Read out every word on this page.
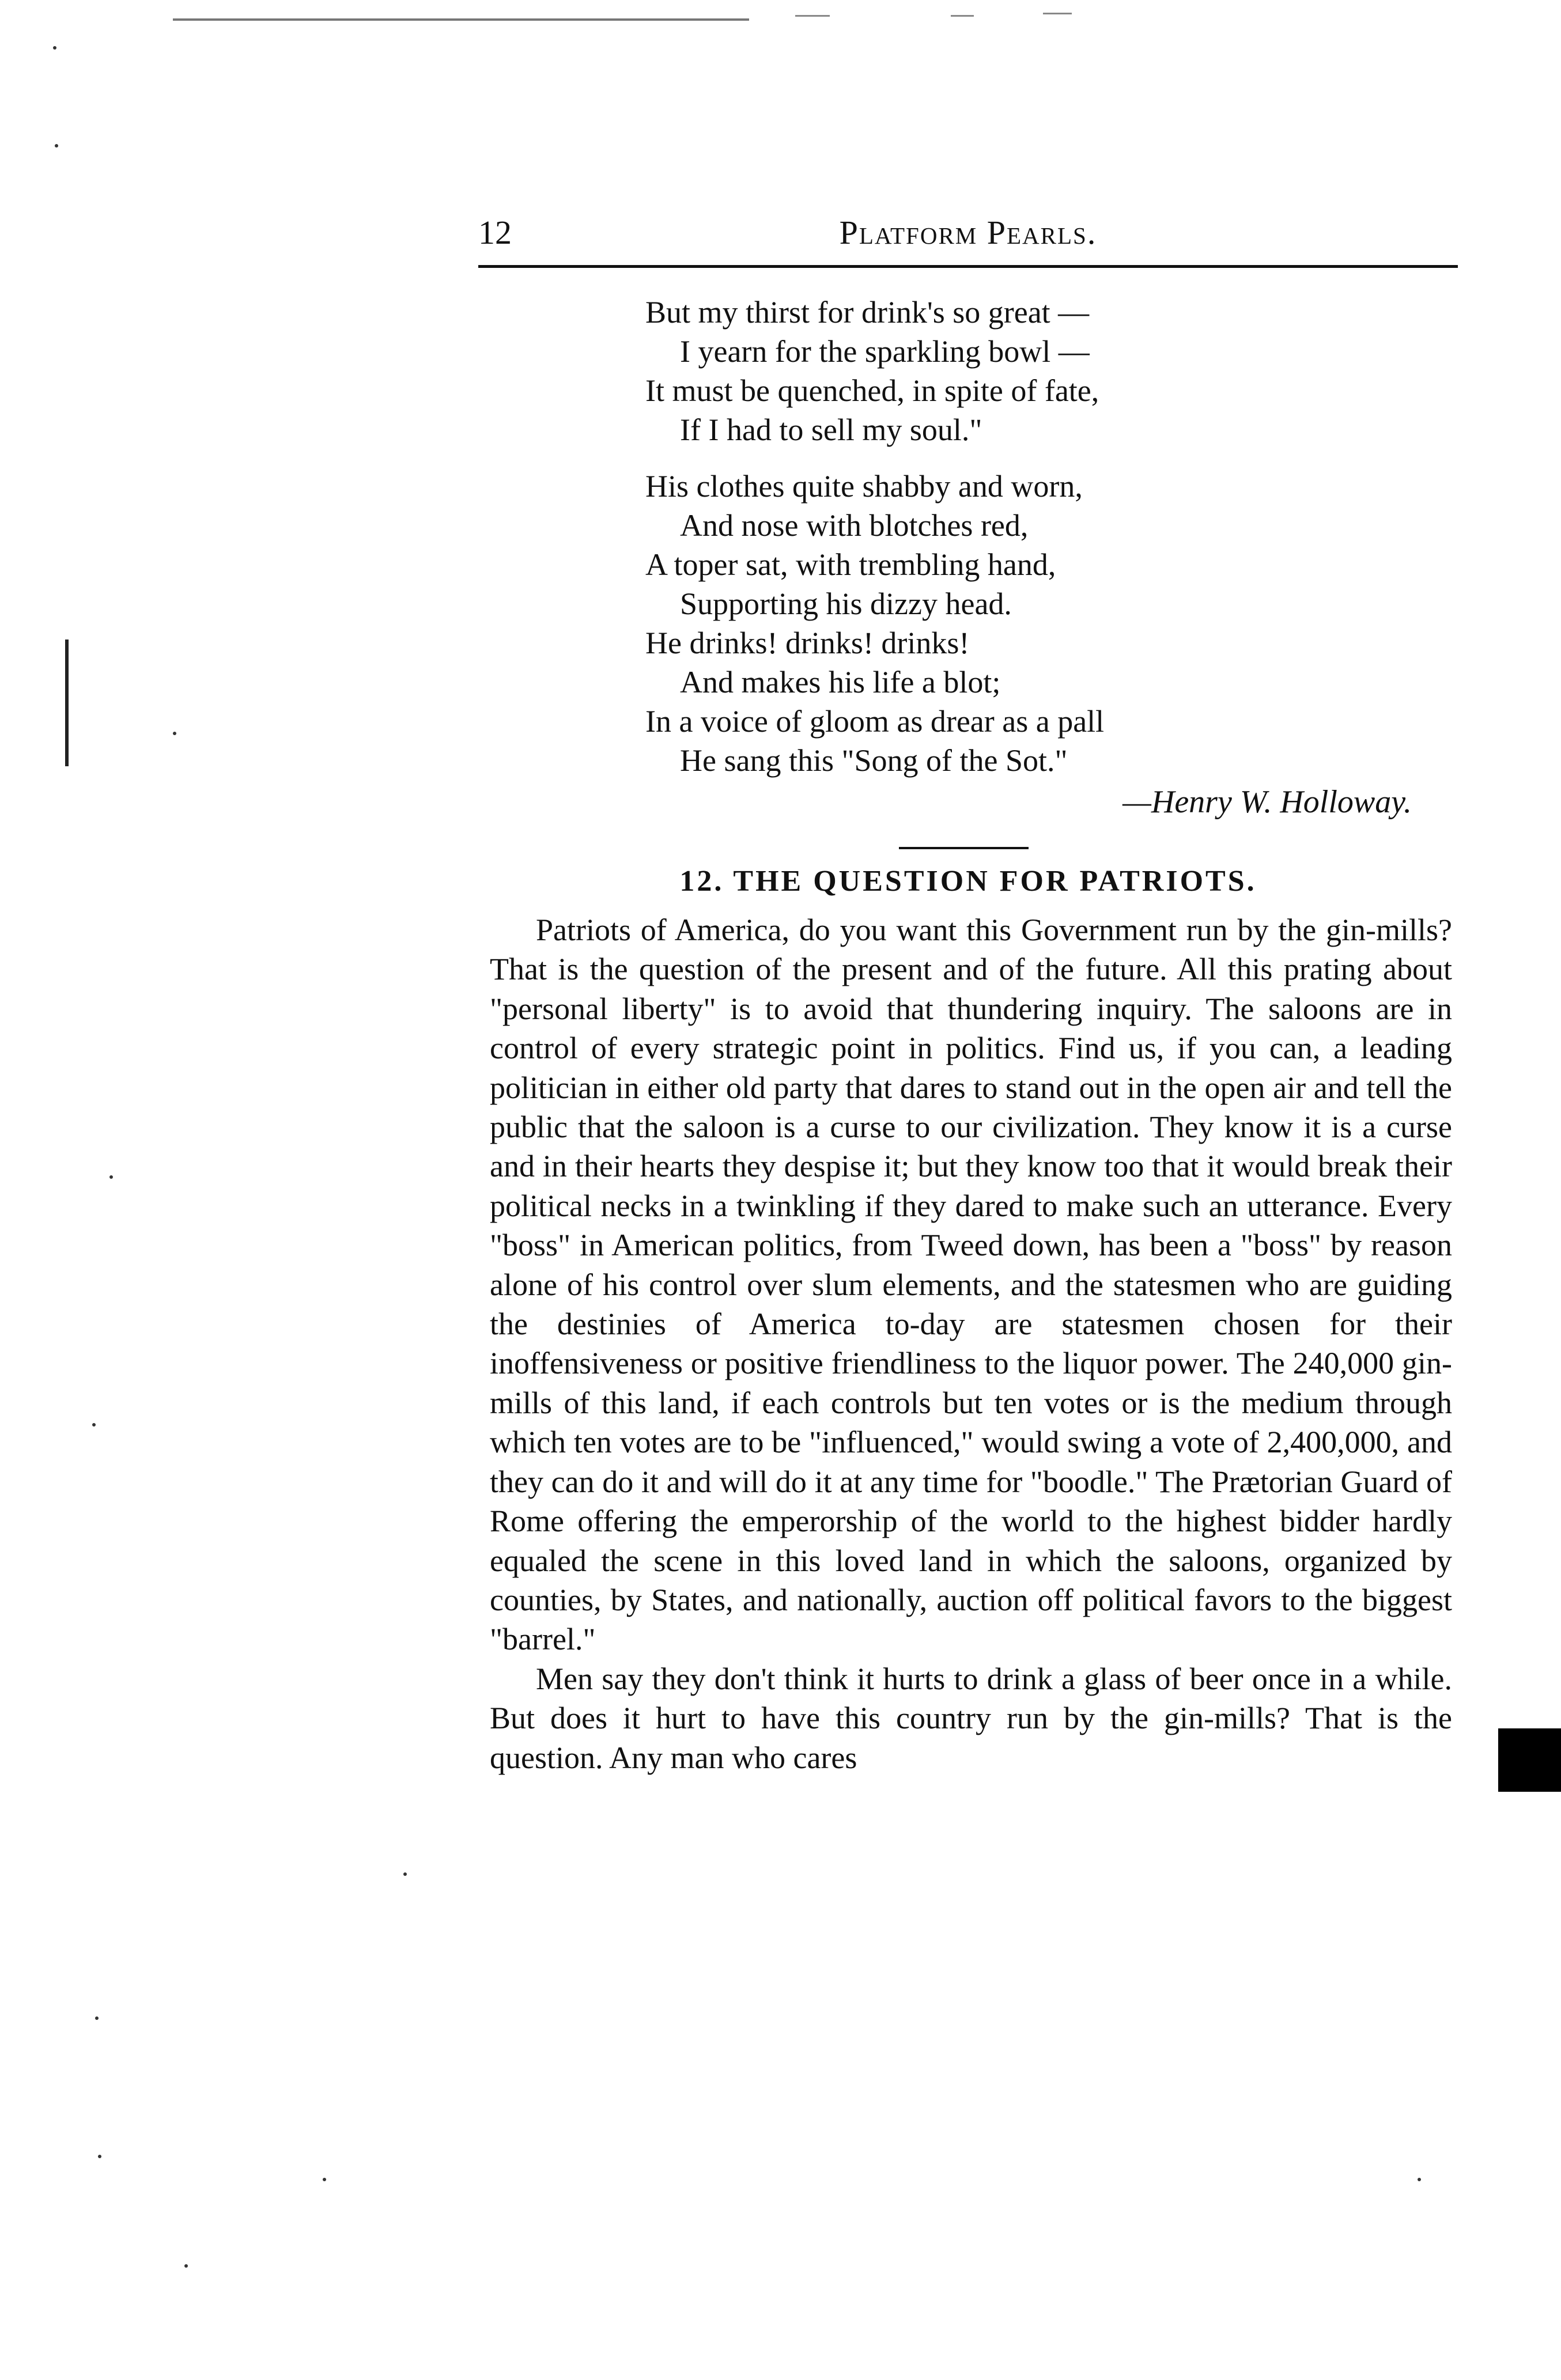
12	Platform Pearls.
But my thirst for drink's so great —
I yearn for the sparkling bowl —
It must be quenched, in spite of fate,
If I had to sell my soul."
His clothes quite shabby and worn,
And nose with blotches red,
A toper sat, with trembling hand,
Supporting his dizzy head.
He drinks! drinks! drinks!
And makes his life a blot;
In a voice of gloom as drear as a pall
He sang this "Song of the Sot."
—Henry W. Holloway.
12. THE QUESTION FOR PATRIOTS.

Patriots of America, do you want this Government run by the gin-mills? That is the question of the present and of the future. All this prating about "personal liberty" is to avoid that thundering inquiry. The saloons are in control of every strategic point in politics. Find us, if you can, a leading politician in either old party that dares to stand out in the open air and tell the public that the saloon is a curse to our civilization. They know it is a curse and in their hearts they despise it; but they know too that it would break their political necks in a twinkling if they dared to make such an utterance. Every "boss" in American politics, from Tweed down, has been a "boss" by reason alone of his control over slum elements, and the statesmen who are guiding the destinies of America to-day are statesmen chosen for their inoffensiveness or positive friendliness to the liquor power. The 240,000 gin-mills of this land, if each controls but ten votes or is the medium through which ten votes are to be "influenced," would swing a vote of 2,400,000, and they can do it and will do it at any time for "boodle." The Prætorian Guard of Rome offering the emperorship of the world to the highest bidder hardly equaled the scene in this loved land in which the saloons, organized by counties, by States, and nationally, auction off political favors to the biggest "barrel."

Men say they don't think it hurts to drink a glass of beer once in a while. But does it hurt to have this country run by the gin-mills? That is the question. Any man who cares
